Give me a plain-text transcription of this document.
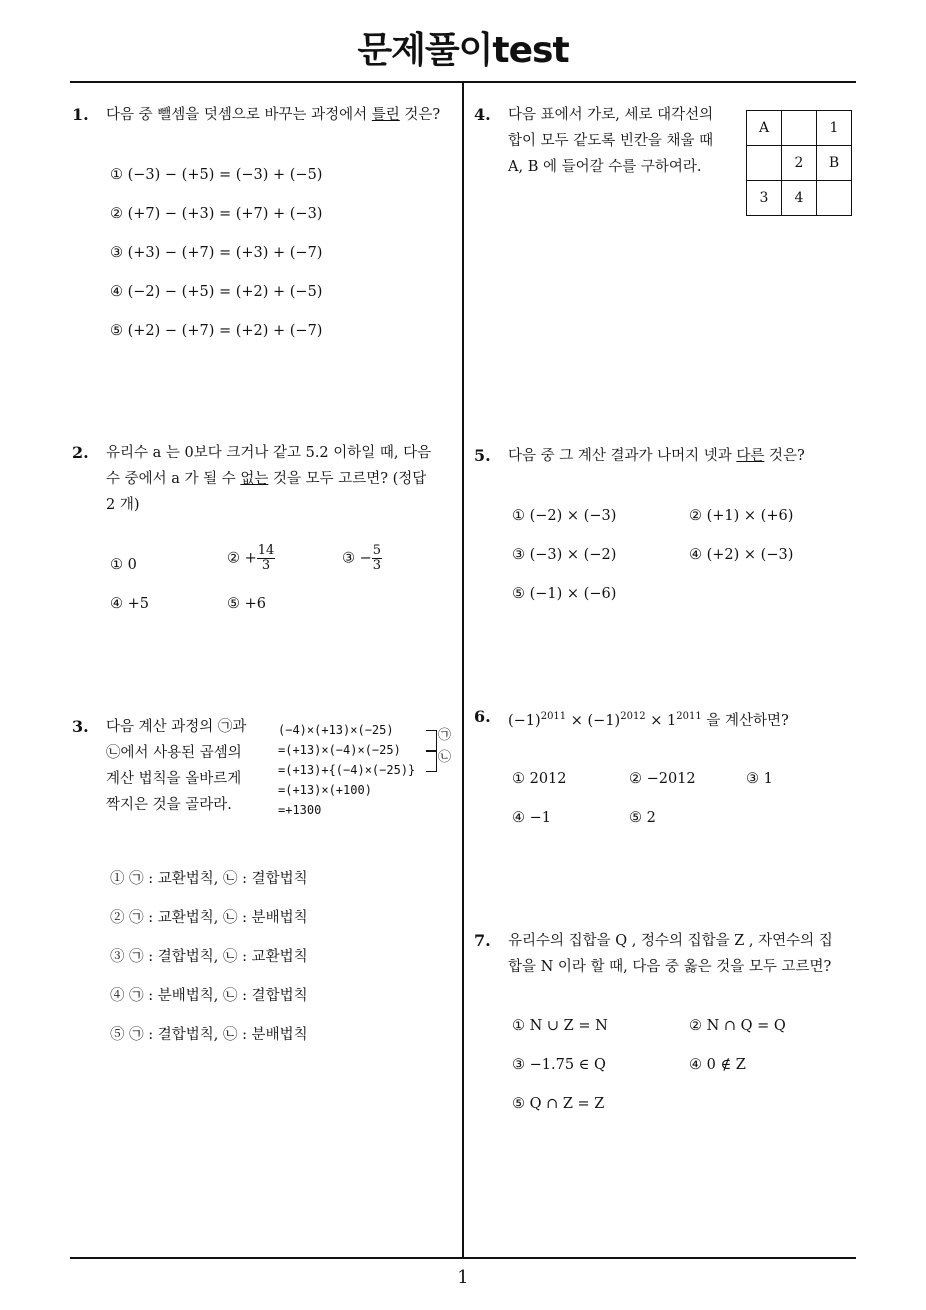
문제풀이test
1
1. 다음 중 뺄셈을 덧셈으로 바꾸는 과정에서 틀린 것은?
① (−3) − (+5) = (−3) + (−5)
② (+7) − (+3) = (+7) + (−3)
③ (+3) − (+7) = (+3) + (−7)
④ (−2) − (+5) = (+2) + (−5)
⑤ (+2) − (+7) = (+2) + (−7)
2. 유리수 a 는 0보다 크거나 같고 5.2 이하일 때, 다음
수 중에서 a 가 될 수 없는 것을 모두 고르면? (정답
2 개)
① 0	② + $\frac{14}{3}$	③ − $\frac{5}{3}$
④ +5	⑤ +6
3. 다음 계산 과정의 ㉠과
㉡에서 사용된 곱셈의
계산 법칙을 올바르게
짝지은 것을 골라라.
(−4)×(+13)×(−25)
=(+13)×(−4)×(−25)
=(+13)+{(−4)×(−25)}
=(+13)×(+100)
=+1300
㉠
㉡
① ㉠ : 교환법칙, ㉡ : 결합법칙
② ㉠ : 교환법칙, ㉡ : 분배법칙
③ ㉠ : 결합법칙, ㉡ : 교환법칙
④ ㉠ : 분배법칙, ㉡ : 결합법칙
⑤ ㉠ : 결합법칙, ㉡ : 분배법칙
4. 다음 표에서 가로, 세로 대각선의
합이 모두 같도록 빈칸을 채울 때
A, B 에 들어갈 수를 구하여라.
A		1
	2	B
3	4	
5. 다음 중 그 계산 결과가 나머지 넷과 다른 것은?
① (−2) × (−3)	② (+1) × (+6)
③ (−3) × (−2)	④ (+2) × (−3)
⑤ (−1) × (−6)
6. $(-1)^{2011} \times (-1)^{2012} \times 1^{2011}$ 을 계산하면?
① 2012	② −2012	③ 1
④ −1	⑤ 2
7. 유리수의 집합을 Q , 정수의 집합을 Z , 자연수의 집
합을 N 이라 할 때, 다음 중 옳은 것을 모두 고르면?
① N ∪ Z = N	② N ∩ Q = Q
③ −1.75 ∈ Q	④ 0 ∉ Z
⑤ Q ∩ Z = Z
